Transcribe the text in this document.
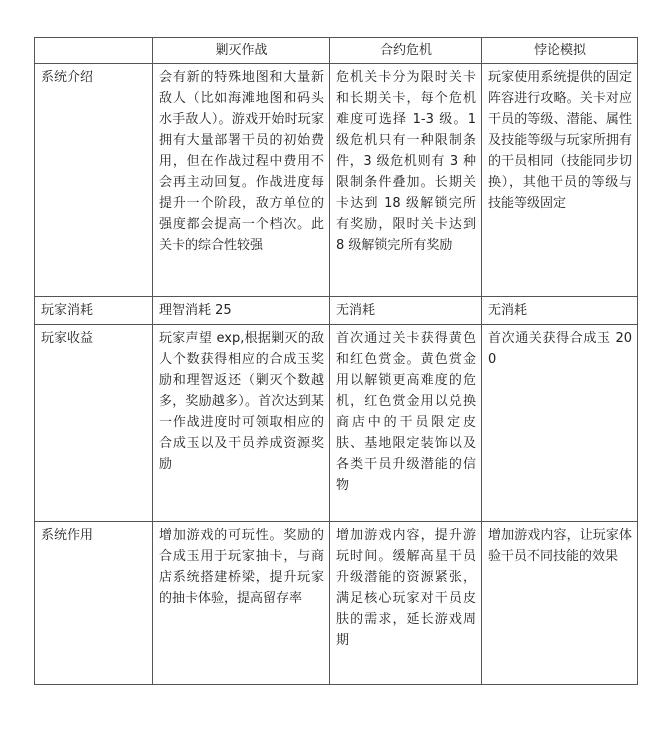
	剿灭作战	合约危机	悖论模拟
系统介绍	会有新的特殊地图和大量新敌人（比如海滩地图和码头水手敌人）。游戏开始时玩家拥有大量部署干员的初始费用，但在作战过程中费用不会再主动回复。作战进度每提升一个阶段，敌方单位的强度都会提高一个档次。此关卡的综合性较强	危机关卡分为限时关卡和长期关卡，每个危机难度可选择 1-3 级。1 级危机只有一种限制条件，3 级危机则有 3 种限制条件叠加。长期关卡达到 18 级解锁完所有奖励，限时关卡达到 8 级解锁完所有奖励	玩家使用系统提供的固定阵容进行攻略。关卡对应干员的等级、潜能、属性及技能等级与玩家所拥有的干员相同（技能同步切换），其他干员的等级与技能等级固定
玩家消耗	理智消耗 25	无消耗	无消耗
玩家收益	玩家声望 exp,根据剿灭的敌人个数获得相应的合成玉奖励和理智返还（剿灭个数越多，奖励越多）。首次达到某一作战进度时可领取相应的合成玉以及干员养成资源奖励	首次通过关卡获得黄色和红色赏金。黄色赏金用以解锁更高难度的危机，红色赏金用以兑换商店中的干员限定皮肤、基地限定装饰以及各类干员升级潜能的信物	首次通关获得合成玉 200
系统作用	增加游戏的可玩性。奖励的合成玉用于玩家抽卡，与商店系统搭建桥梁，提升玩家的抽卡体验，提高留存率	增加游戏内容，提升游玩时间。缓解高星干员升级潜能的资源紧张，满足核心玩家对干员皮肤的需求，延长游戏周期	增加游戏内容，让玩家体验干员不同技能的效果
